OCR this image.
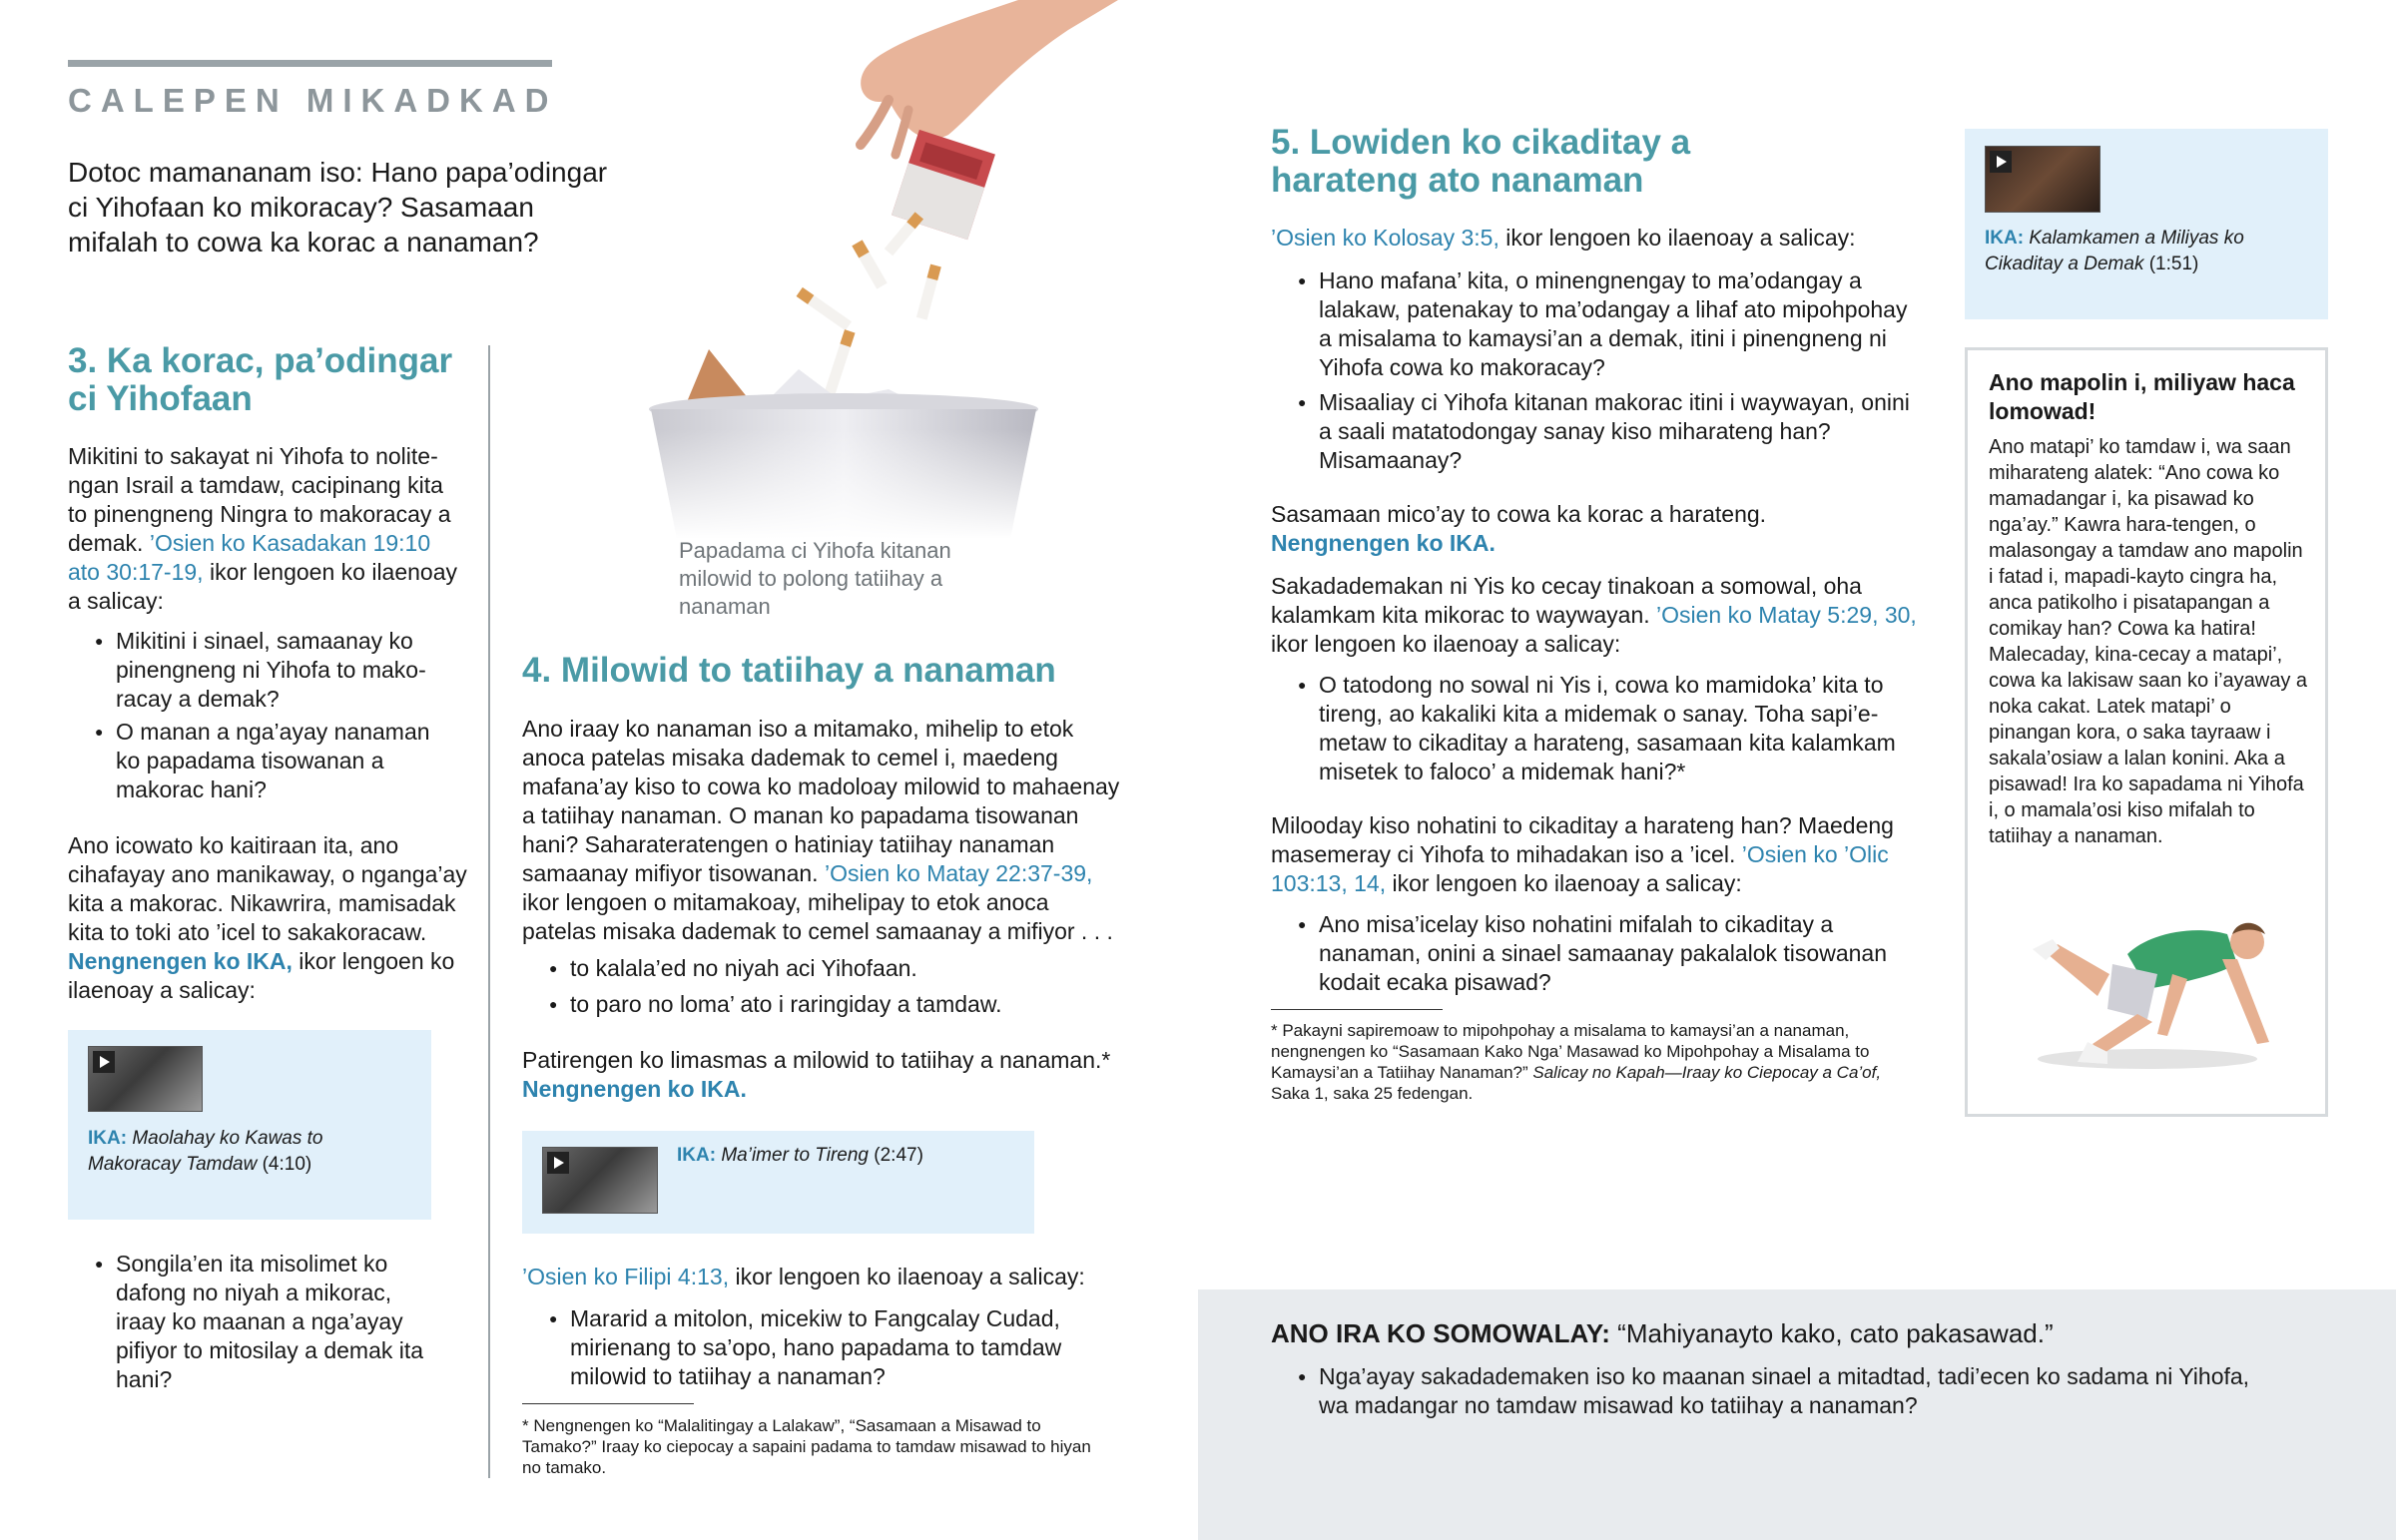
CALEPEN MIKADKAD
Dotoc mamananam iso: Hano papa’odingar ci Yihofaan ko mikoracay? Sasamaan mifalah to cowa ka korac a nanaman?
Papadama ci Yihofa kitanan milowid to polong tatiihay a nanaman
3. Ka korac, pa’odingar ci Yihofaan

Mikitini to sakayat ni Yihofa to nolite-ngan Israil a tamdaw, cacipinang kita to pinengneng Ningra to makoracay a demak. ’Osien ko Kasadakan 19:10 ato 30:17-19, ikor lengoen ko ilaenoay a salicay:

● Mikitini i sinael, samaanay ko pinengneng ni Yihofa to mako-racay a demak?
● O manan a nga’ayay nanaman ko papadama tisowanan a makorac hani?

Ano icowato ko kaitiraan ita, ano cihafayay ano manikaway, o nganga’ay kita a makorac. Nikawrira, mamisadak kita to toki ato ’icel to sakakoracaw. Nengnengen ko IKA, ikor lengoen ko ilaenoay a salicay:

IKA: Maolahay ko Kawas to Makoracay Tamdaw (4:10)
● Songila’en ita misolimet ko dafong no niyah a mikorac, iraay ko maanan a nga’ayay pifiyor to mitosilay a demak ita hani?
4. Milowid to tatiihay a nanaman

Ano iraay ko nanaman iso a mitamako, mihelip to etok anoca patelas misaka dademak to cemel i, maedeng mafana’ay kiso to cowa ko madoloay milowid to mahaenay a tatiihay nanaman. O manan ko papadama tisowanan hani? Saharateratengen o hatiniay tatiihay nanaman samaanay mifiyor tisowanan. ’Osien ko Matay 22:37-39, ikor lengoen o mitamakoay, mihelipay to etok anoca patelas misaka dademak to cemel samaanay a mifiyor . . .

● to kalala’ed no niyah aci Yihofaan.
● to paro no loma’ ato i raringiday a tamdaw.

Patirengen ko limasmas a milowid to tatiihay a nanaman.*
Nengnengen ko IKA.

IKA: Ma’imer to Tireng (2:47)

’Osien ko Filipi 4:13, ikor lengoen ko ilaenoay a salicay:

● Mararid a mitolon, micekiw to Fangcalay Cudad, mirienang to sa’opo, hano papadama to tamdaw milowid to tatiihay a nanaman?

* Nengnengen ko “Malalitingay a Lalakaw”, “Sasamaan a Misawad to Tamako?” Iraay ko ciepocay a sapaini padama to tamdaw misawad to hiyan no tamako.

5. Lowiden ko cikaditay a harateng ato nanaman

’Osien ko Kolosay 3:5, ikor lengoen ko ilaenoay a salicay:

● Hano mafana’ kita, o minengnengay to ma’odangay a lalakaw, patenakay to ma’odangay a lihaf ato mipohpohay a misalama to kamaysi’an a demak, itini i pinengneng ni Yihofa cowa ko makoracay?
● Misaaliay ci Yihofa kitanan makorac itini i waywayan, onini a saali matatodongay sanay kiso miharateng han? Misamaanay?

Sasamaan mico’ay to cowa ka korac a harateng.
Nengnengen ko IKA.

Sakadademakan ni Yis ko cecay tinakoan a somowal, oha kalamkam kita mikorac to waywayan. ’Osien ko Matay 5:29, 30, ikor lengoen ko ilaenoay a salicay:

● O tatodong no sowal ni Yis i, cowa ko mamidoka’ kita to tireng, ao kakaliki kita a midemak o sanay. Toha sapi’e-metaw to cikaditay a harateng, sasamaan kita kalamkam misetek to faloco’ a midemak hani?*

Milooday kiso nohatini to cikaditay a harateng han? Maedeng masemeray ci Yihofa to mihadakan iso a ’icel. ’Osien ko ’Olic 103:13, 14, ikor lengoen ko ilaenoay a salicay:

● Ano misa’icelay kiso nohatini mifalah to cikaditay a nanaman, onini a sinael samaanay pakalalok tisowanan kodait ecaka pisawad?

* Pakayni sapiremoaw to mipohpohay a misalama to kamaysi’an a nanaman, nengnengen ko “Sasamaan Kako Nga’ Masawad ko Mipohpohay a Misalama to Kamaysi’an a Tatiihay Nanaman?” Salicay no Kapah—Iraay ko Ciepocay a Ca’of, Saka 1, saka 25 fedengan.

IKA: Kalamkamen a Miliyas ko Cikaditay a Demak (1:51)
Ano mapolin i, miliyaw haca lomowad!
Ano matapi’ ko tamdaw i, wa saan miharateng alatek: “Ano cowa ko mamadangar i, ka pisawad ko nga’ay.” Kawra hara-tengen, o malasongay a tamdaw ano mapolin i fatad i, mapadi-kayto cingra ha, anca patikolho i pisatapangan a comikay han? Cowa ka hatira! Malecaday, kina-cecay a matapi’, cowa ka lakisaw saan ko i’ayaway a noka cakat. Latek matapi’ o pinangan kora, o saka tayraaw i sakala’osiaw a lalan konini. Aka a pisawad! Ira ko sapadama ni Yihofa i, o mamala’osi kiso mifalah to tatiihay a nanaman.
ANO IRA KO SOMOWALAY: “Mahiyanayto kako, cato pakasawad.”
● Nga’ayay sakadademaken iso ko maanan sinael a mitadtad, tadi’ecen ko sadama ni Yihofa, wa madangar no tamdaw misawad ko tatiihay a nanaman?
